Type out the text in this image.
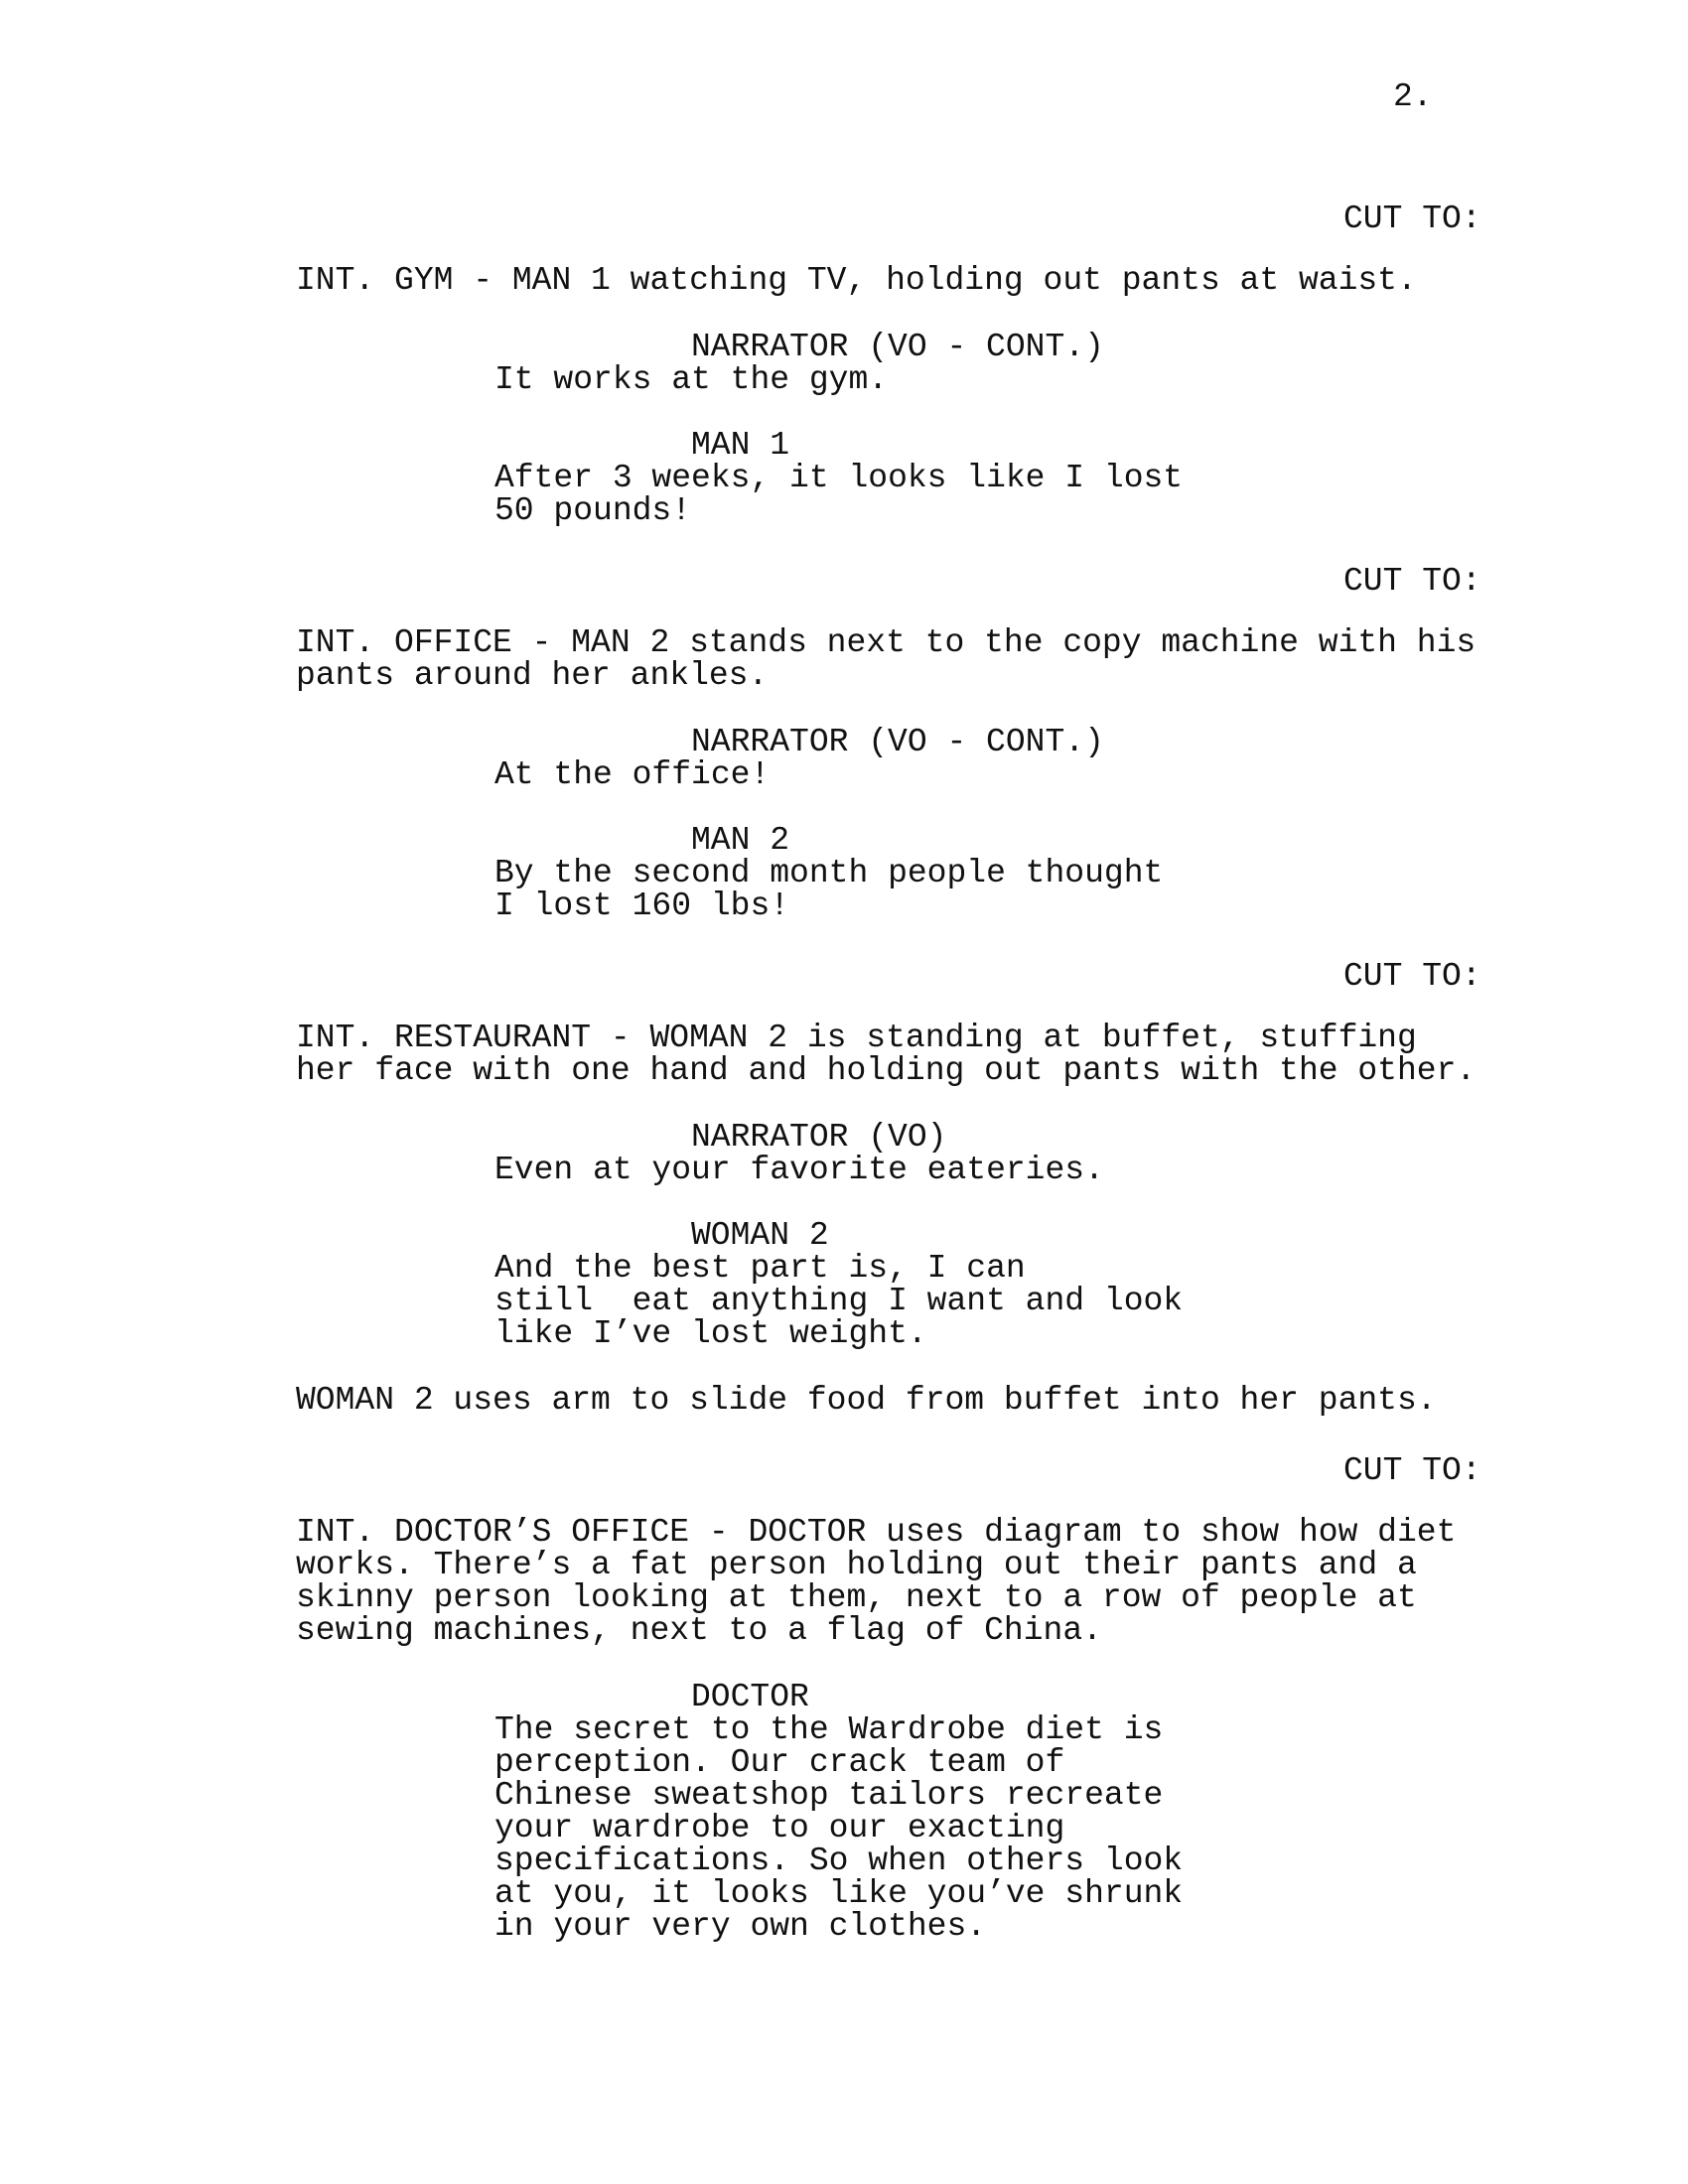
2.
CUT TO:
INT. GYM - MAN 1 watching TV, holding out pants at waist.
NARRATOR (VO - CONT.)
It works at the gym.
MAN 1
After 3 weeks, it looks like I lost
50 pounds!
CUT TO:
INT. OFFICE - MAN 2 stands next to the copy machine with his
pants around her ankles.
NARRATOR (VO - CONT.)
At the office!
MAN 2
By the second month people thought
I lost 160 lbs!
CUT TO:
INT. RESTAURANT - WOMAN 2 is standing at buffet, stuffing
her face with one hand and holding out pants with the other.
NARRATOR (VO)
Even at your favorite eateries.
WOMAN 2
And the best part is, I can
still  eat anything I want and look
like I’ve lost weight.
WOMAN 2 uses arm to slide food from buffet into her pants.
CUT TO:
INT. DOCTOR’S OFFICE - DOCTOR uses diagram to show how diet
works. There’s a fat person holding out their pants and a
skinny person looking at them, next to a row of people at
sewing machines, next to a flag of China.
DOCTOR
The secret to the Wardrobe diet is
perception. Our crack team of
Chinese sweatshop tailors recreate
your wardrobe to our exacting
specifications. So when others look
at you, it looks like you’ve shrunk
in your very own clothes.
